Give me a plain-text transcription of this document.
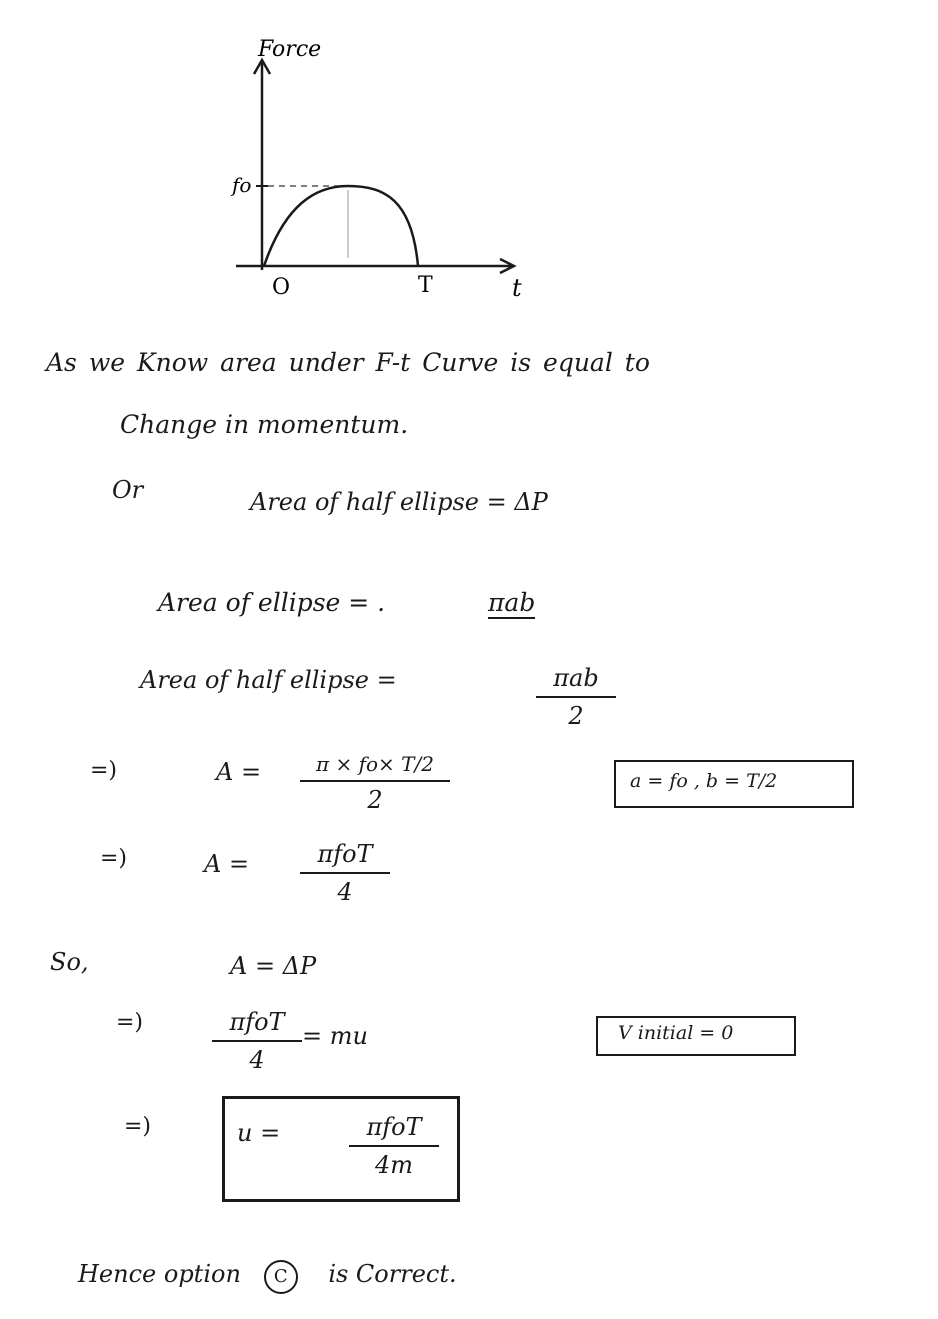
Force
t
fo
O	T
As we Know area under F-t Curve is equal to
Change in momentum.
Or	Area of half ellipse = ΔP
Area of ellipse = .	πab
Area of half ellipse =	πab
2
=)	A =	π × fo× T/2
2
a = fo , b = T/2
=)	A =	πfoT
4
So,	A = ΔP
=)	πfoT
4
= mu	V initial = 0
=)	u =	πfoT
4m
Hence option C is Correct.
